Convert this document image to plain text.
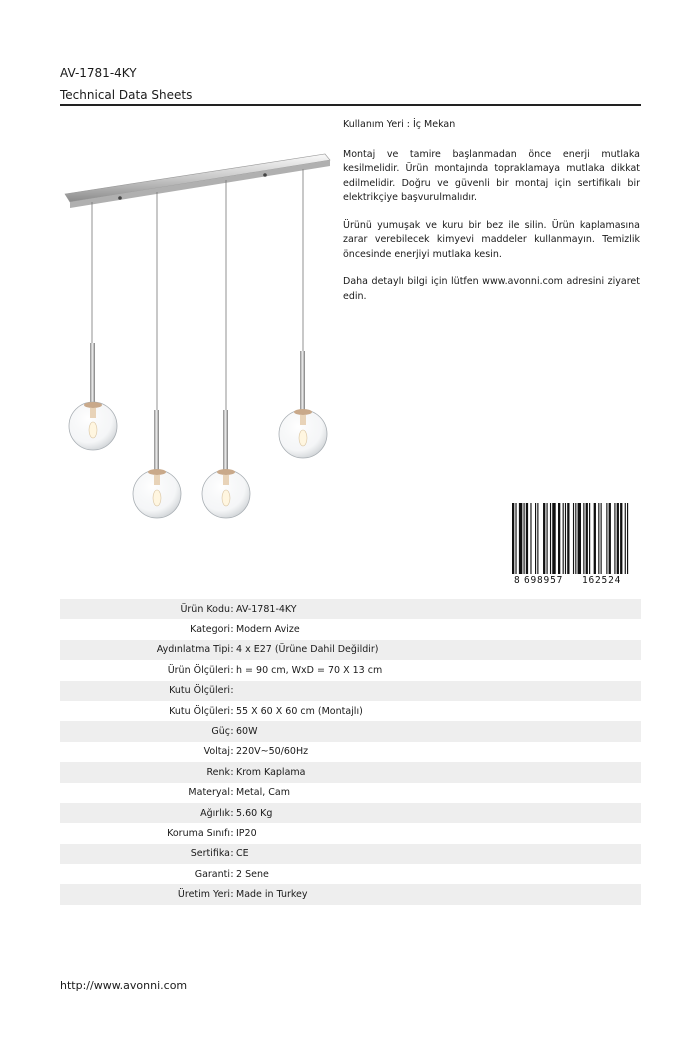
AV-1781-4KY
Technical Data Sheets

Kullanım Yeri : İç Mekan

Montaj ve tamire başlanmadan önce enerji mutlaka kesilmelidir. Ürün montajında topraklamaya mutlaka dikkat edilmelidir. Doğru ve güvenli bir montaj için sertifikalı bir elektrikçiye başvurulmalıdır.

Ürünü yumuşak ve kuru bir bez ile silin. Ürün kaplamasına zarar verebilecek kimyevi maddeler kullanmayın. Temizlik öncesinde enerjiyi mutlaka kesin.

Daha detaylı bilgi için lütfen www.avonni.com adresini ziyaret edin.

8 698957 162524
Ürün Kodu : AV-1781-4KY
Kategori : Modern Avize
Aydınlatma Tipi : 4 x E27 (Ürüne Dahil Değildir)
Ürün Ölçüleri : h = 90 cm, WxD = 70 X 13 cm
Kutu Ölçüleri :
Kutu Ölçüleri : 55 X 60 X 60 cm (Montajlı)
Güç : 60W
Voltaj : 220V~50/60Hz
Renk : Krom Kaplama
Materyal : Metal, Cam
Ağırlık : 5.60 Kg
Koruma Sınıfı : IP20
Sertifika : CE
Garanti : 2 Sene
Üretim Yeri : Made in Turkey
http://www.avonni.com
